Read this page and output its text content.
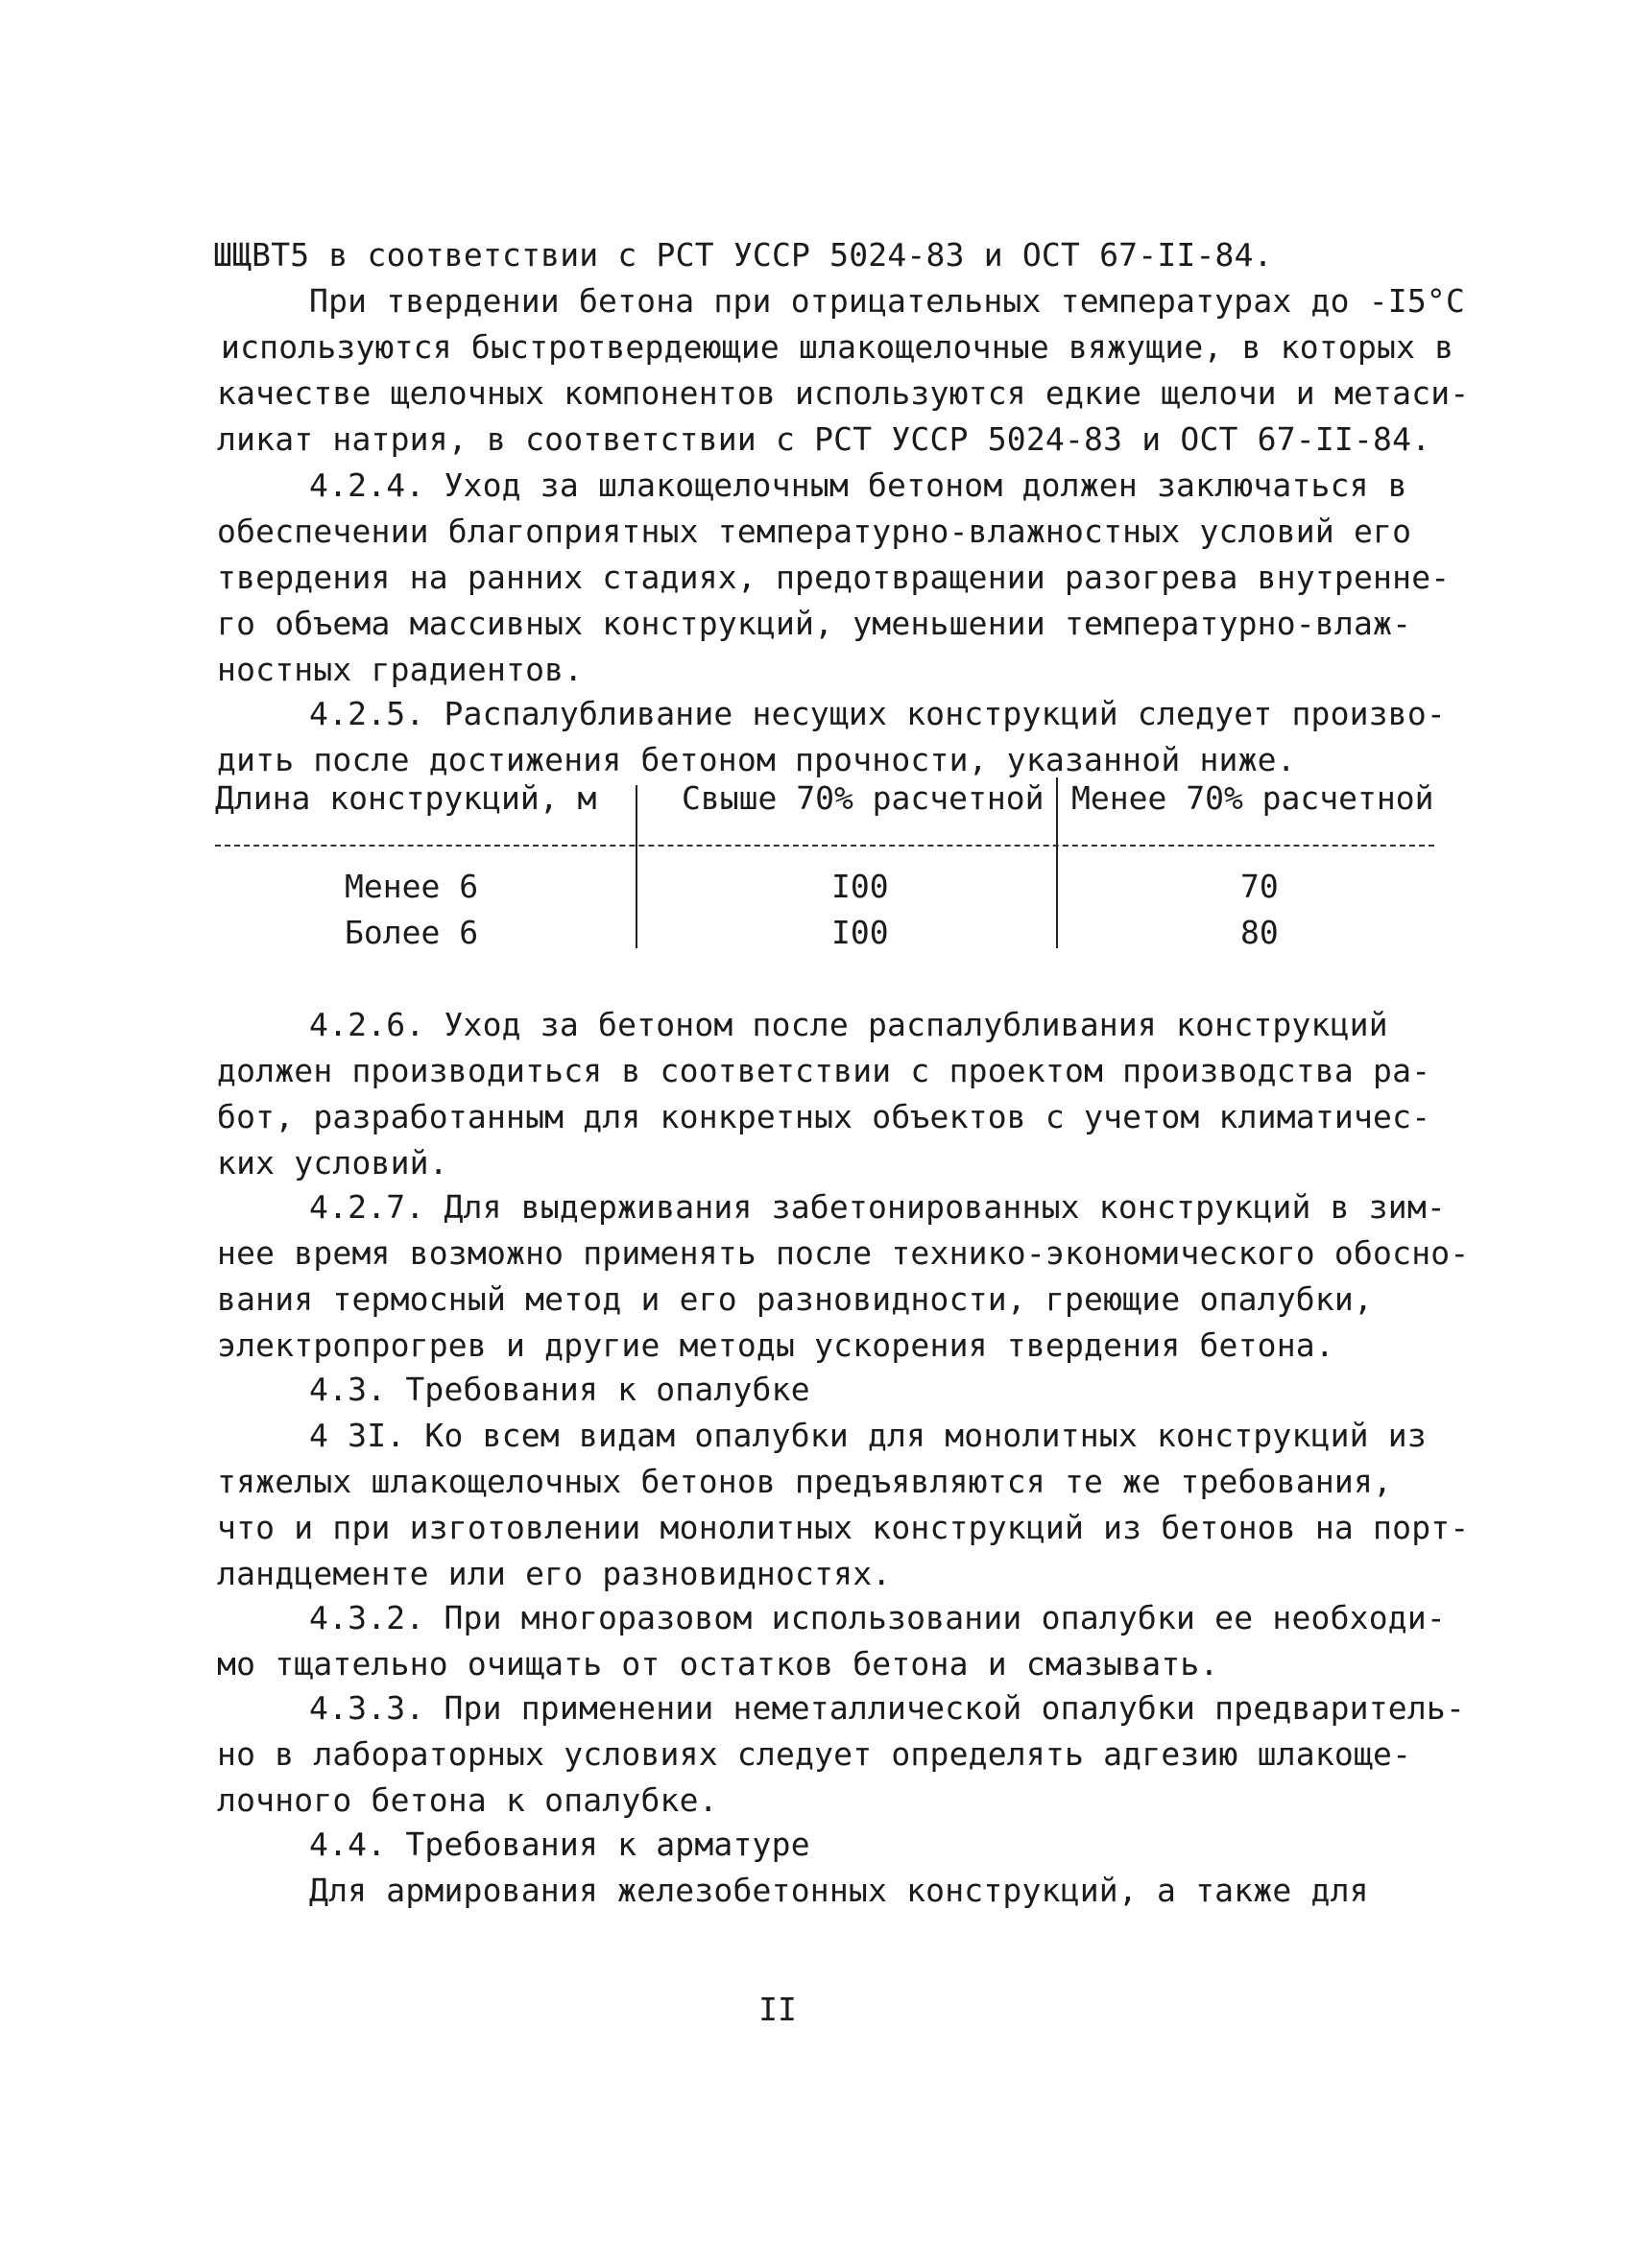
ШЩВТ5 в соответствии с РСТ УССР 5024-83 и ОСТ 67-II-84.
При твердении бетона при отрицательных температурах до -I5°C
используются быстротвердеющие шлакощелочные вяжущие, в которых в
качестве щелочных компонентов используются едкие щелочи и метаси-
ликат натрия, в соответствии с РСТ УССР 5024-83 и ОСТ 67-II-84.
4.2.4. Уход за шлакощелочным бетоном должен заключаться в
обеспечении благоприятных температурно-влажностных условий его
твердения на ранних стадиях, предотвращении разогрева внутренне-
го объема массивных конструкций, уменьшении температурно-влаж-
ностных градиентов.
4.2.5. Распалубливание несущих конструкций следует произво-
дить после достижения бетоном прочности, указанной ниже.
Длина конструкций, м	Свыше 70% расчетной Менее 70% расчетной
Менее 6	I00	70
Более 6	I00	80
4.2.6. Уход за бетоном после распалубливания конструкций
должен производиться в соответствии с проектом производства ра-
бот, разработанным для конкретных объектов с учетом климатичес-
ких условий.
4.2.7. Для выдерживания забетонированных конструкций в зим-
нее время возможно применять после технико-экономического обосно-
вания термосный метод и его разновидности, греющие опалубки,
электропрогрев и другие методы ускорения твердения бетона.
4.3. Требования к опалубке
4 3I. Ко всем видам опалубки для монолитных конструкций из
тяжелых шлакощелочных бетонов предъявляются те же требования,
что и при изготовлении монолитных конструкций из бетонов на порт-
ландцементе или его разновидностях.
4.3.2. При многоразовом использовании опалубки ее необходи-
мо тщательно очищать от остатков бетона и смазывать.
4.3.3. При применении неметаллической опалубки предваритель-
но в лабораторных условиях следует определять адгезию шлакоще-
лочного бетона к опалубке.
4.4. Требования к арматуре
Для армирования железобетонных конструкций, а также для
II
